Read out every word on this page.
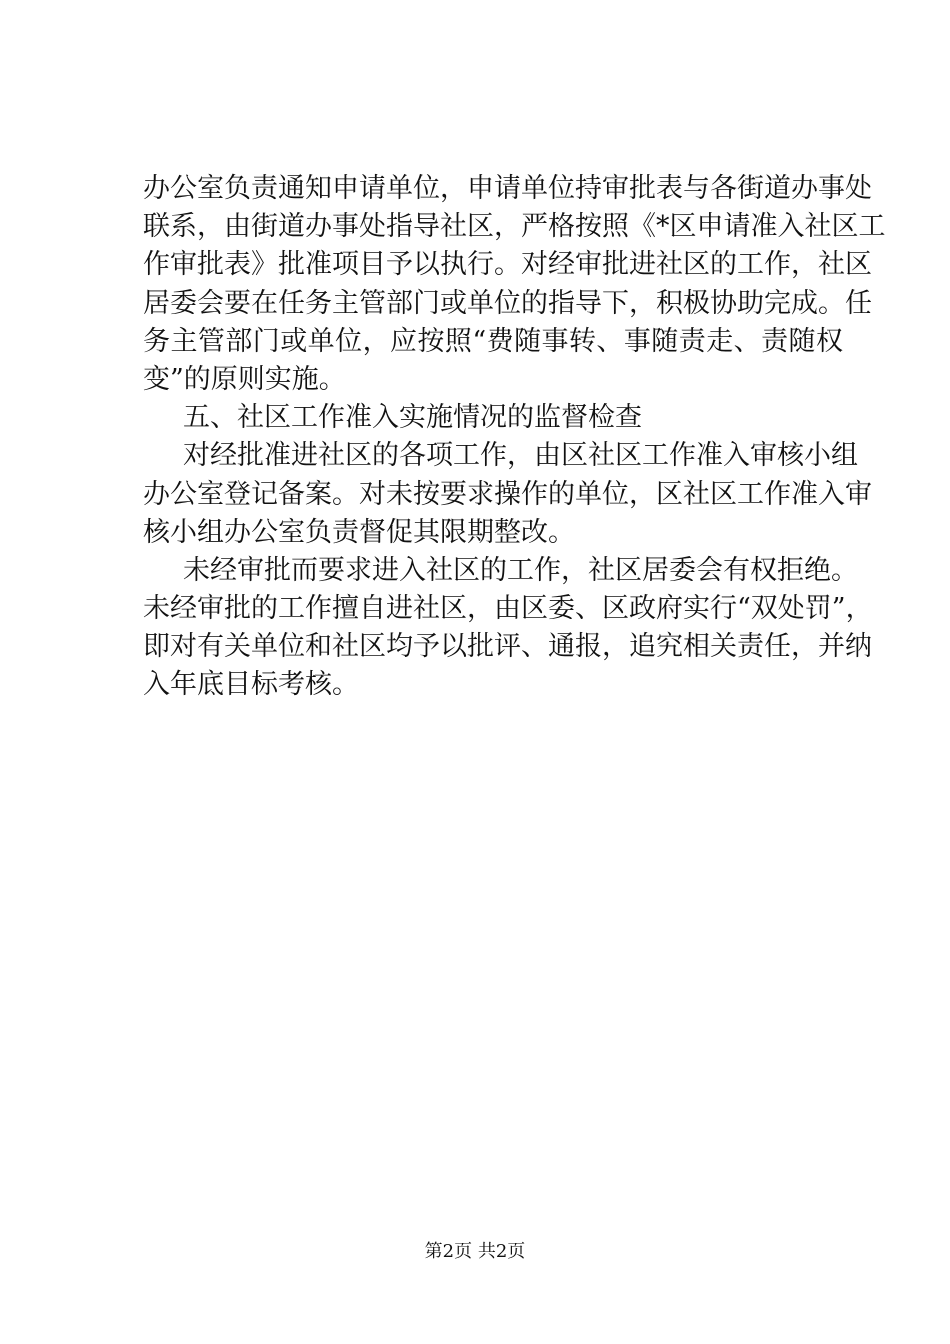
办公室负责通知申请单位，申请单位持审批表与各街道办事处
联系，由街道办事处指导社区，严格按照《*区申请准入社区工
作审批表》批准项目予以执行。对经审批进社区的工作，社区
居委会要在任务主管部门或单位的指导下，积极协助完成。任
务主管部门或单位，应按照“费随事转、事随责走、责随权
变”的原则实施。
五、社区工作准入实施情况的监督检查
对经批准进社区的各项工作，由区社区工作准入审核小组
办公室登记备案。对未按要求操作的单位，区社区工作准入审
核小组办公室负责督促其限期整改。
未经审批而要求进入社区的工作，社区居委会有权拒绝。
未经审批的工作擅自进社区，由区委、区政府实行“双处罚”，
即对有关单位和社区均予以批评、通报，追究相关责任，并纳
入年底目标考核。
第2页 共2页
